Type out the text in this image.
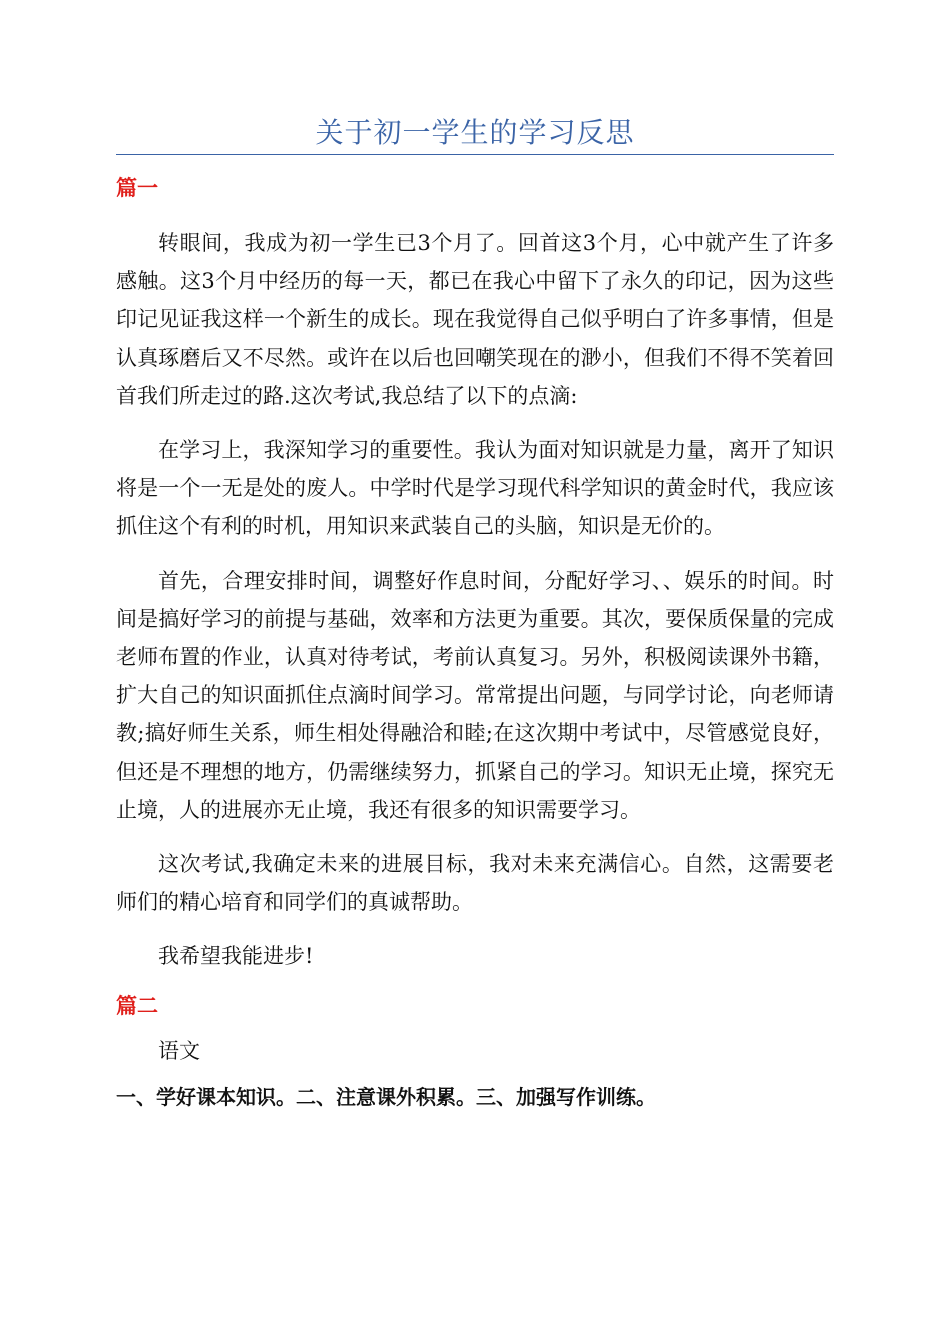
关于初一学生的学习反思

篇一

转眼间，我成为初一学生已3个月了。回首这3个月，心中就产生了许多感触。这3个月中经历的每一天，都已在我心中留下了永久的印记，因为这些印记见证我这样一个新生的成长。现在我觉得自己似乎明白了许多事情，但是认真琢磨后又不尽然。或许在以后也回嘲笑现在的渺小，但我们不得不笑着回首我们所走过的路.这次考试,我总结了以下的点滴:

在学习上，我深知学习的重要性。我认为面对知识就是力量，离开了知识将是一个一无是处的废人。中学时代是学习现代科学知识的黄金时代，我应该抓住这个有利的时机，用知识来武装自己的头脑，知识是无价的。

首先，合理安排时间，调整好作息时间，分配好学习、、娱乐的时间。时间是搞好学习的前提与基础，效率和方法更为重要。其次，要保质保量的完成老师布置的作业，认真对待考试，考前认真复习。另外，积极阅读课外书籍，扩大自己的知识面抓住点滴时间学习。常常提出问题，与同学讨论，向老师请教;搞好师生关系，师生相处得融洽和睦;在这次期中考试中，尽管感觉良好，但还是不理想的地方，仍需继续努力，抓紧自己的学习。知识无止境，探究无止境，人的进展亦无止境，我还有很多的知识需要学习。

这次考试,我确定未来的进展目标，我对未来充满信心。自然，这需要老师们的精心培育和同学们的真诚帮助。

我希望我能进步!

篇二

语文

一、学好课本知识。二、注意课外积累。三、加强写作训练。
